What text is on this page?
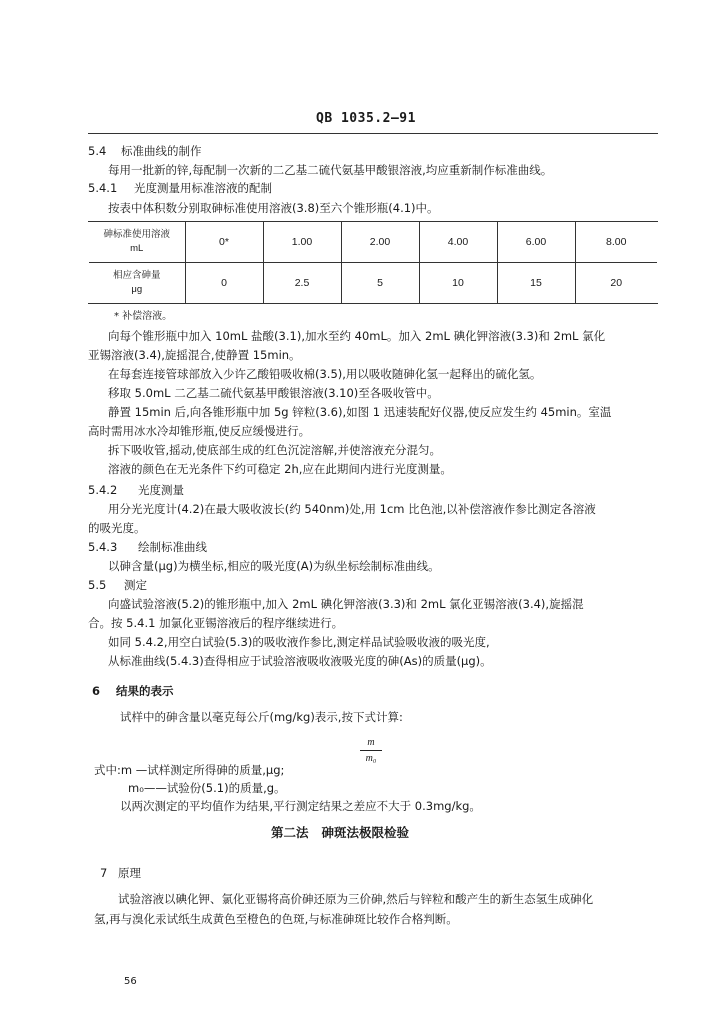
QB 1035.2—91
5.4 标准曲线的制作
每用一批新的锌,每配制一次新的二乙基二硫代氨基甲酸银溶液,均应重新制作标准曲线。
5.4.1 光度测量用标准溶液的配制
按表中体积数分别取砷标准使用溶液(3.8)至六个锥形瓶(4.1)中。
砷标准使用溶液
mL	0*	1.00	2.00	4.00	6.00	8.00

相应含砷量
μg	0	2.5	5	10	15	20
* 补偿溶液。
向每个锥形瓶中加入 10mL 盐酸(3.1),加水至约 40mL。加入 2mL 碘化钾溶液(3.3)和 2mL 氯化
亚锡溶液(3.4),旋摇混合,使静置 15min。
在每套连接管球部放入少许乙酸铅吸收棉(3.5),用以吸收随砷化氢一起释出的硫化氢。
移取 5.0mL 二乙基二硫代氨基甲酸银溶液(3.10)至各吸收管中。
静置 15min 后,向各锥形瓶中加 5g 锌粒(3.6),如图 1 迅速装配好仪器,使反应发生约 45min。室温
高时需用冰水冷却锥形瓶,使反应缓慢进行。
拆下吸收管,摇动,使底部生成的红色沉淀溶解,并使溶液充分混匀。
溶液的颜色在无光条件下约可稳定 2h,应在此期间内进行光度测量。
5.4.2 光度测量
用分光光度计(4.2)在最大吸收波长(约 540nm)处,用 1cm 比色池,以补偿溶液作参比测定各溶液
的吸光度。
5.4.3 绘制标准曲线
以砷含量(μg)为横坐标,相应的吸光度(A)为纵坐标绘制标准曲线。
5.5 测定
向盛试验溶液(5.2)的锥形瓶中,加入 2mL 碘化钾溶液(3.3)和 2mL 氯化亚锡溶液(3.4),旋摇混
合。按 5.4.1 加氯化亚锡溶液后的程序继续进行。
如同 5.4.2,用空白试验(5.3)的吸收液作参比,测定样品试验吸收液的吸光度,
从标准曲线(5.4.3)查得相应于试验溶液吸收液吸光度的砷(As)的质量(μg)。
6 结果的表示
试样中的砷含量以毫克每公斤(mg/kg)表示,按下式计算:
m
m₀
式中:m —试样测定所得砷的质量,μg;
m₀——试验份(5.1)的质量,g。
以两次测定的平均值作为结果,平行测定结果之差应不大于 0.3mg/kg。
第二法   砷斑法极限检验
7 原理
试验溶液以碘化钾、氯化亚锡将高价砷还原为三价砷,然后与锌粒和酸产生的新生态氢生成砷化
氢,再与溴化汞试纸生成黄色至橙色的色斑,与标准砷斑比较作合格判断。
56
